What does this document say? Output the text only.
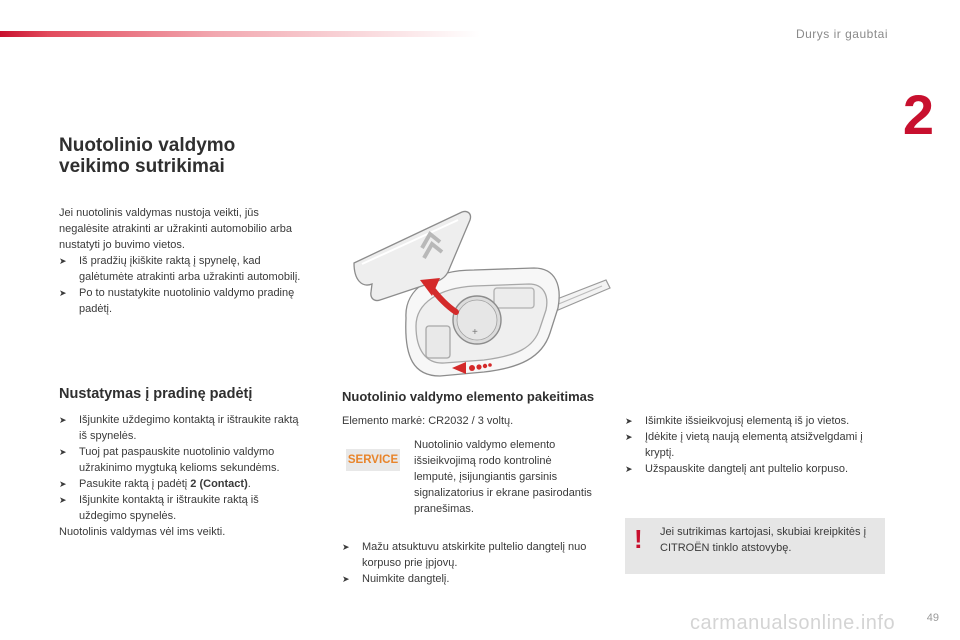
Durys ir gaubtai
2
Nuotolinio valdymo
veikimo sutrikimai
Jei nuotolinis valdymas nustoja veikti, jūs negalėsite atrakinti ar užrakinti automobilio arba nustatyti jo buvimo vietos.
➤ Iš pradžių įkiškite raktą į spynelę, kad galėtumėte atrakinti arba užrakinti automobilį.
➤ Po to nustatykite nuotolinio valdymo pradinę padėtį.
+
Nustatymas į pradinę padėtį
➤ Išjunkite uždegimo kontaktą ir ištraukite raktą iš spynelės.
➤ Tuoj pat paspauskite nuotolinio valdymo užrakinimo mygtuką kelioms sekundėms.
➤ Pasukite raktą į padėtį 2 (Contact).
➤ Išjunkite kontaktą ir ištraukite raktą iš uždegimo spynelės.
Nuotolinis valdymas vėl ims veikti.
Nuotolinio valdymo elemento pakeitimas
Elemento markė: CR2032 / 3 voltų.
SERVICE
Nuotolinio valdymo elemento išsieikvojimą rodo kontrolinė lemputė, įsijungiantis garsinis signalizatorius ir ekrane pasirodantis pranešimas.
➤ Mažu atsuktuvu atskirkite pultelio dangtelį nuo korpuso prie įpjovų.
➤ Nuimkite dangtelį.
➤ Išimkite išsieikvojusį elementą iš jo vietos.
➤ Įdėkite į vietą naują elementą atsižvelgdami į kryptį.
➤ Užspauskite dangtelį ant pultelio korpuso.
! Jei sutrikimas kartojasi, skubiai kreipkitės į CITROËN tinklo atstovybę.
carmanualsonline.info	49
